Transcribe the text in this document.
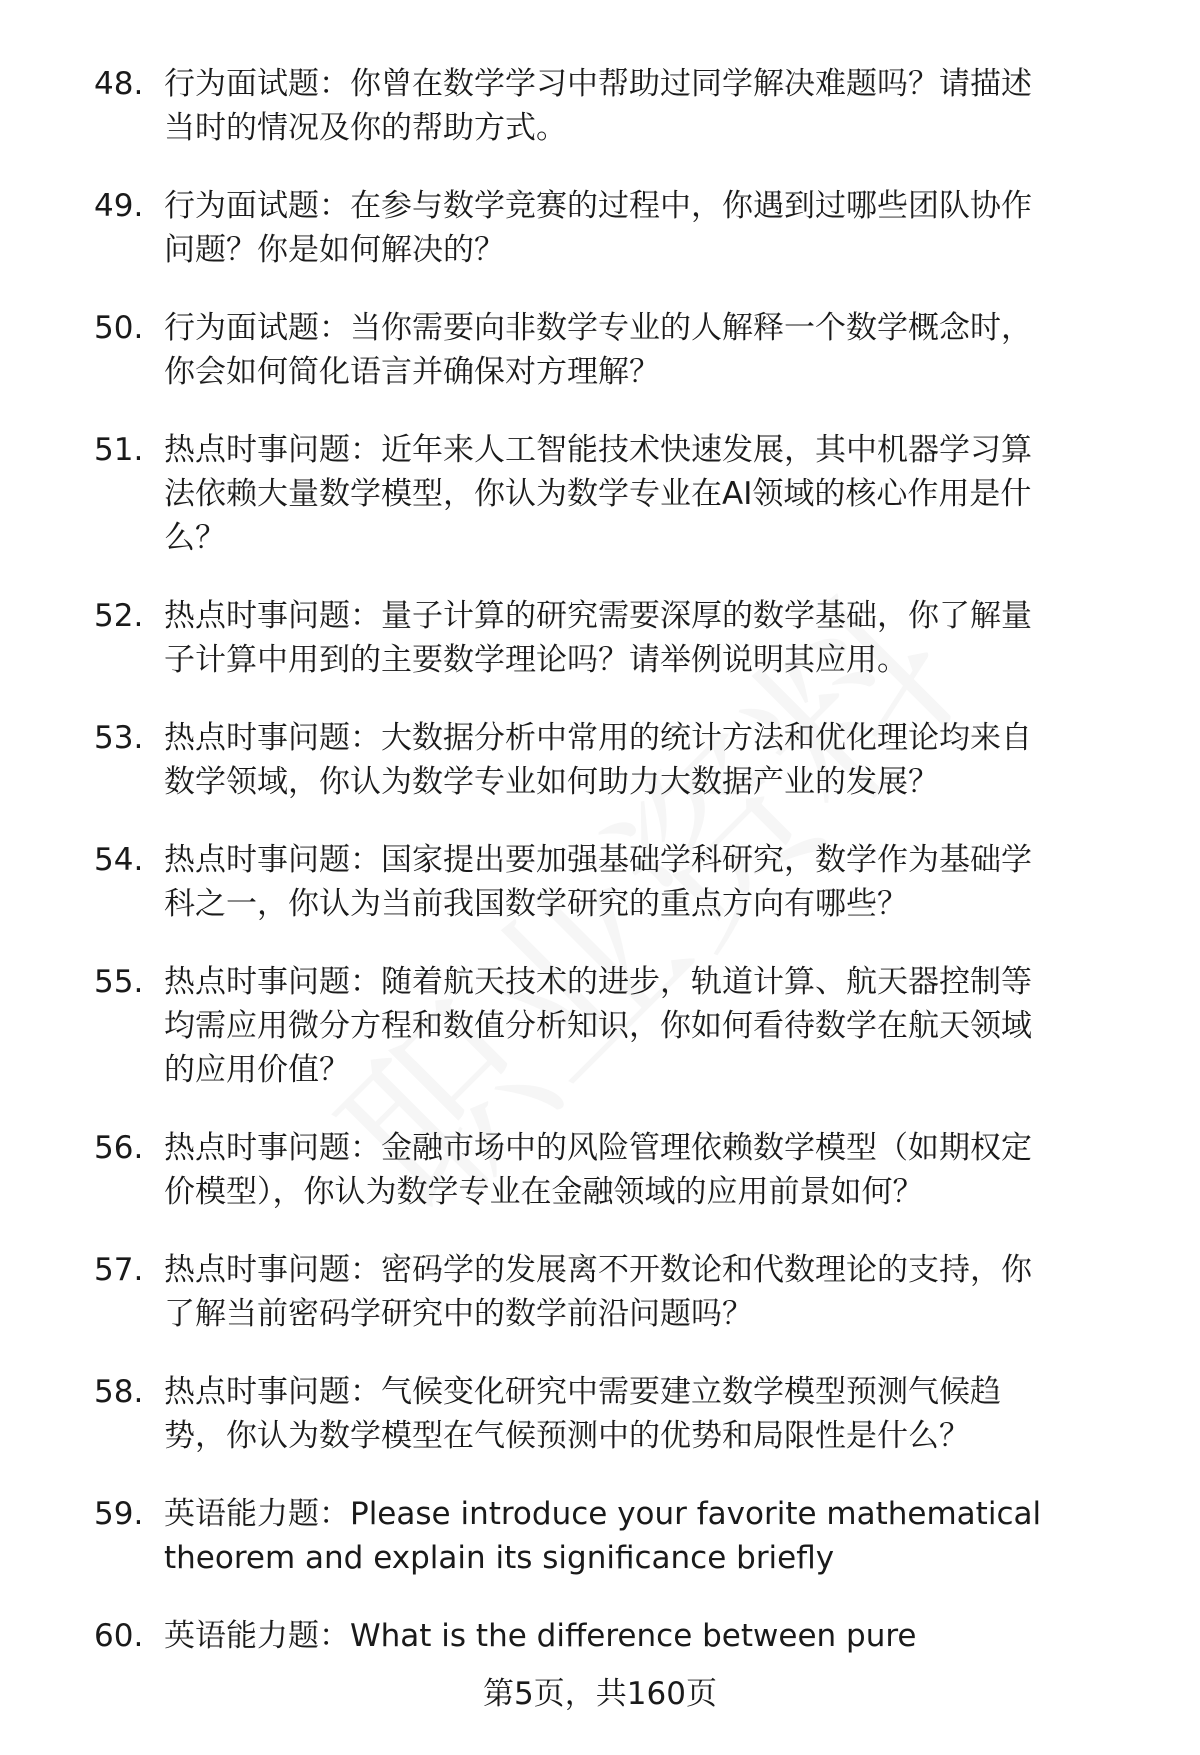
48. 行为面试题：你曾在数学学习中帮助过同学解决难题吗？请描述
当时的情况及你的帮助方式。
49. 行为面试题：在参与数学竞赛的过程中，你遇到过哪些团队协作
问题？你是如何解决的？
50. 行为面试题：当你需要向非数学专业的人解释一个数学概念时，
你会如何简化语言并确保对方理解？
51. 热点时事问题：近年来人工智能技术快速发展，其中机器学习算
法依赖大量数学模型，你认为数学专业在AI领域的核心作用是什
么？
52. 热点时事问题：量子计算的研究需要深厚的数学基础，你了解量
子计算中用到的主要数学理论吗？请举例说明其应用。
53. 热点时事问题：大数据分析中常用的统计方法和优化理论均来自
数学领域，你认为数学专业如何助力大数据产业的发展？
54. 热点时事问题：国家提出要加强基础学科研究，数学作为基础学
科之一，你认为当前我国数学研究的重点方向有哪些？
55. 热点时事问题：随着航天技术的进步，轨道计算、航天器控制等
均需应用微分方程和数值分析知识，你如何看待数学在航天领域
的应用价值？
56. 热点时事问题：金融市场中的风险管理依赖数学模型（如期权定
价模型），你认为数学专业在金融领域的应用前景如何？
57. 热点时事问题：密码学的发展离不开数论和代数理论的支持，你
了解当前密码学研究中的数学前沿问题吗？
58. 热点时事问题：气候变化研究中需要建立数学模型预测气候趋
势，你认为数学模型在气候预测中的优势和局限性是什么？
59. 英语能力题：Please introduce your favorite mathematical
theorem and explain its significance briefly
60. 英语能力题：What is the difference between pure
第5页，共160页
